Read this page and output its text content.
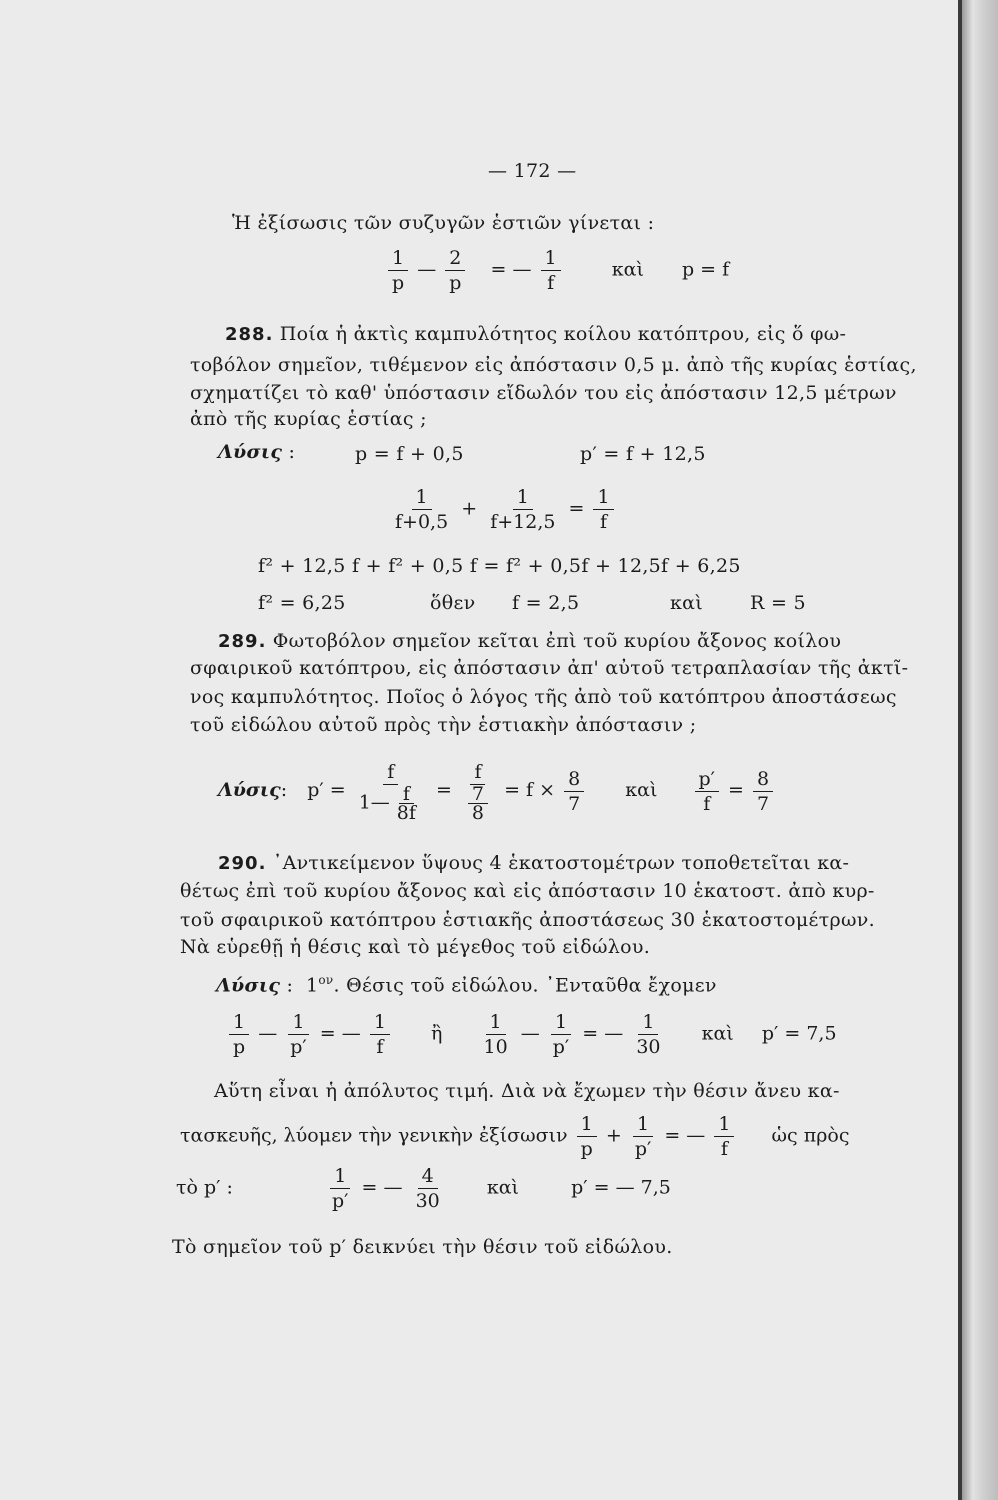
— 172 —
Ἡ ἐξίσωσις τῶν συζυγῶν ἑστιῶν γίνεται :
$\frac{1}{p}$ — $\frac{2}{p}$ = — $\frac{1}{f}$	καὶ p = f
288. Ποία ἡ ἀκτὶς καμπυλότητος κοίλου κατόπτρου, εἰς ὅ φω-
τοβόλον σημεῖον, τιθέμενον εἰς ἀπόστασιν 0,5 μ. ἀπὸ τῆς κυρίας ἑστίας,
σχηματίζει τὸ καθ' ὑπόστασιν εἴδωλόν του εἰς ἀπόστασιν 12,5 μέτρων
ἀπὸ τῆς κυρίας ἑστίας ;
Λύσις :	p = f + 0,5	p′ = f + 12,5
$\frac{1}{f+0,5} + \frac{1}{f+12,5} = \frac{1}{f}$
f² + 12,5 f + f² + 0,5 f = f² + 0,5f + 12,5f + 6,25
f² = 6,25	ὅθεν f = 2,5	καὶ R = 5
289. Φωτοβόλον σημεῖον κεῖται ἐπὶ τοῦ κυρίου ἄξονος κοίλου
σφαιρικοῦ κατόπτρου, εἰς ἀπόστασιν ἀπ' αὐτοῦ τετραπλασίαν τῆς ἀκτῖ-
νος καμπυλότητος. Ποῖος ὁ λόγος τῆς ἀπὸ τοῦ κατόπτρου ἀποστάσεως
τοῦ εἰδώλου αὐτοῦ πρὸς τὴν ἑστιακὴν ἀπόστασιν ;
Λύσις: $p' = \frac{f}{1— \frac{f}{8f}} = \frac{f}{\frac{7}{8}} = f \times \frac{8}{7}$ καὶ $\frac{p'}{f} = \frac{8}{7}$
290. ᾿Αντικείμενον ὕψους 4 ἑκατοστομέτρων τοποθετεῖται κα-
θέτως ἐπὶ τοῦ κυρίου ἄξονος καὶ εἰς ἀπόστασιν 10 ἑκατοστ. ἀπὸ κυρ-
τοῦ σφαιρικοῦ κατόπτρου ἑστιακῆς ἀποστάσεως 30 ἑκατοστομέτρων.
Νὰ εὑρεθῇ ἡ θέσις καὶ τὸ μέγεθος τοῦ εἰδώλου.
Λύσις : $1^{o\nu}$. Θέσις τοῦ εἰδώλου. ᾿Ενταῦθα ἔχομεν
$\frac{1}{p}$ — $\frac{1}{p'}$ = — $\frac{1}{f}$ ἢ $\frac{1}{10}$ — $\frac{1}{p'}$ = — $\frac{1}{30}$ καὶ p′ = 7,5
Αὕτη εἶναι ἡ ἀπόλυτος τιμή. Διὰ νὰ ἔχωμεν τὴν θέσιν ἄνευ κα-
τασκευῆς, λύομεν τὴν γενικὴν ἐξίσωσιν $\frac{1}{p} + \frac{1}{p'}$ = — $\frac{1}{f}$ ὡς πρὸς
τὸ p′ :	$\frac{1}{p'}$ = — $\frac{4}{30}$ καὶ	p′ = — 7,5
Τὸ σημεῖον τοῦ p′ δεικνύει τὴν θέσιν τοῦ εἰδώλου.
